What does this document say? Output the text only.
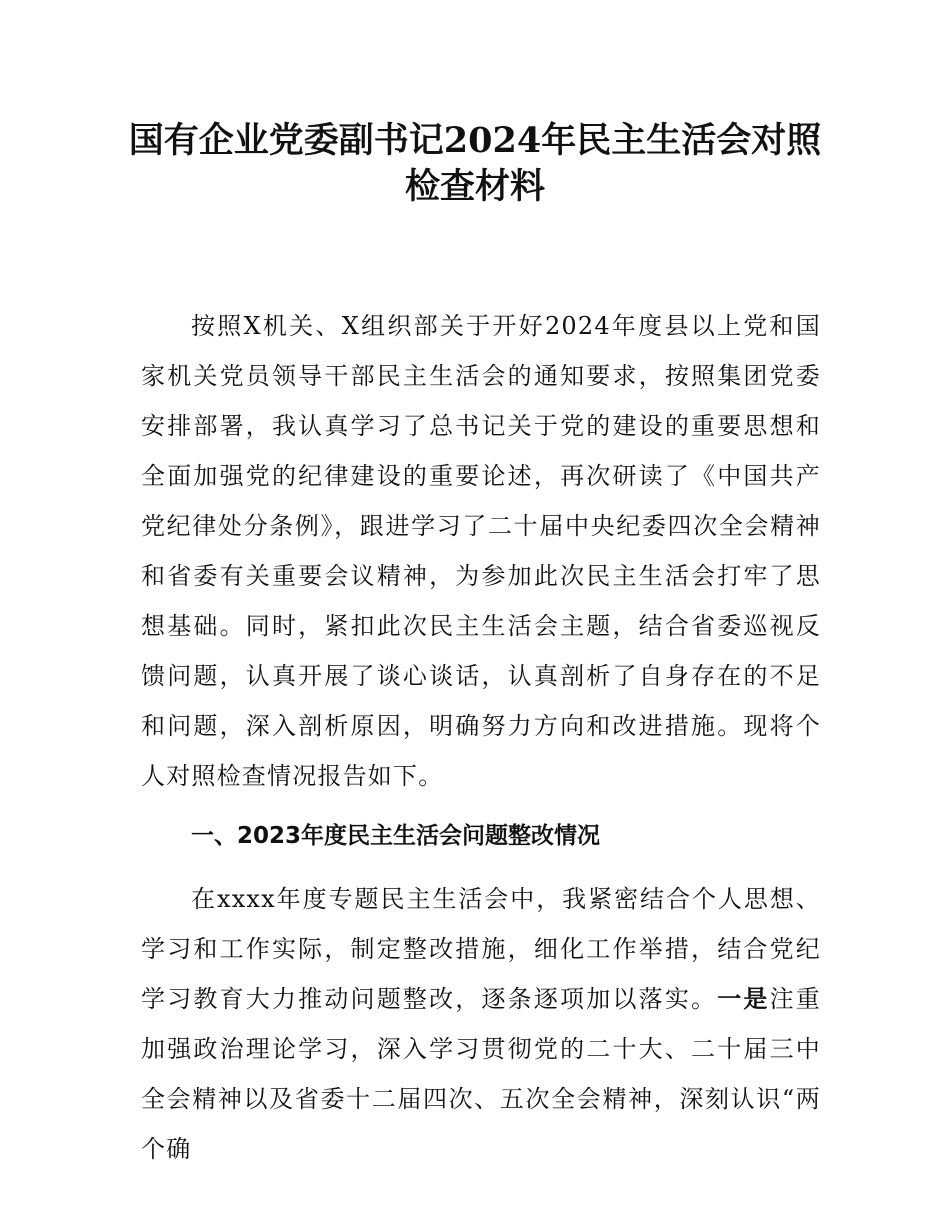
国有企业党委副书记2024年民主生活会对照
检查材料

按照X机关、X组织部关于开好2024年度县以上党和国家机关党员领导干部民主生活会的通知要求，按照集团党委安排部署，我认真学习了总书记关于党的建设的重要思想和全面加强党的纪律建设的重要论述，再次研读了《中国共产党纪律处分条例》，跟进学习了二十届中央纪委四次全会精神和省委有关重要会议精神，为参加此次民主生活会打牢了思想基础。同时，紧扣此次民主生活会主题，结合省委巡视反馈问题，认真开展了谈心谈话，认真剖析了自身存在的不足和问题，深入剖析原因，明确努力方向和改进措施。现将个人对照检查情况报告如下。

一、2023年度民主生活会问题整改情况

在xxxx年度专题民主生活会中，我紧密结合个人思想、学习和工作实际，制定整改措施，细化工作举措，结合党纪学习教育大力推动问题整改，逐条逐项加以落实。一是注重加强政治理论学习，深入学习贯彻党的二十大、二十届三中全会精神以及省委十二届四次、五次全会精神，深刻认识“两个确
